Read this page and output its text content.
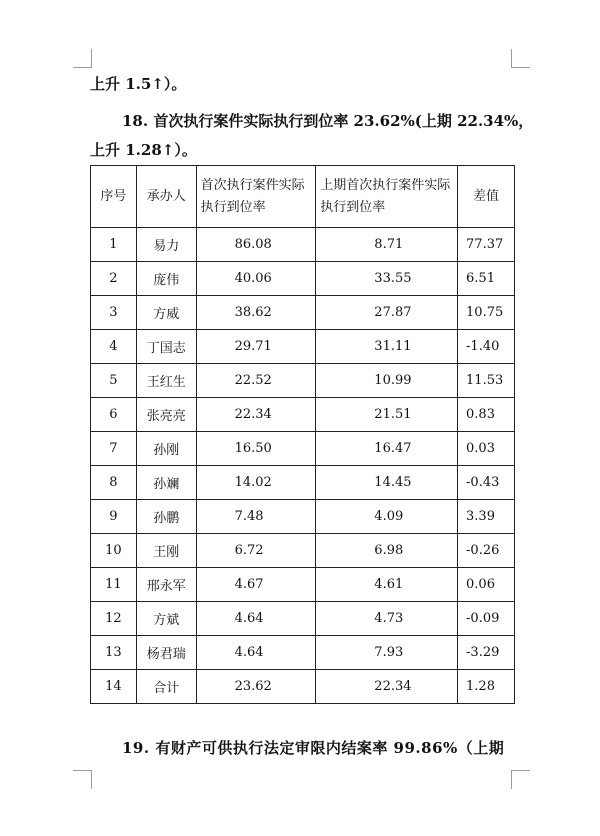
上升 1.5↑）。
18. 首次执行案件实际执行到位率 23.62%(上期 22.34%，
上升 1.28↑）。
序号	承办人	首次执行案件实际执行到位率	上期首次执行案件实际执行到位率	差值
1	易力	86.08	8.71	77.37
2	庞伟	40.06	33.55	6.51
3	方威	38.62	27.87	10.75
4	丁国志	29.71	31.11	-1.40
5	王红生	22.52	10.99	11.53
6	张亮亮	22.34	21.51	0.83
7	孙刚	16.50	16.47	0.03
8	孙斓	14.02	14.45	-0.43
9	孙鹏	7.48	4.09	3.39
10	王刚	6.72	6.98	-0.26
11	邢永军	4.67	4.61	0.06
12	方斌	4.64	4.73	-0.09
13	杨君瑞	4.64	7.93	-3.29
14	合计	23.62	22.34	1.28
19. 有财产可供执行法定审限内结案率 99.86%（上期
